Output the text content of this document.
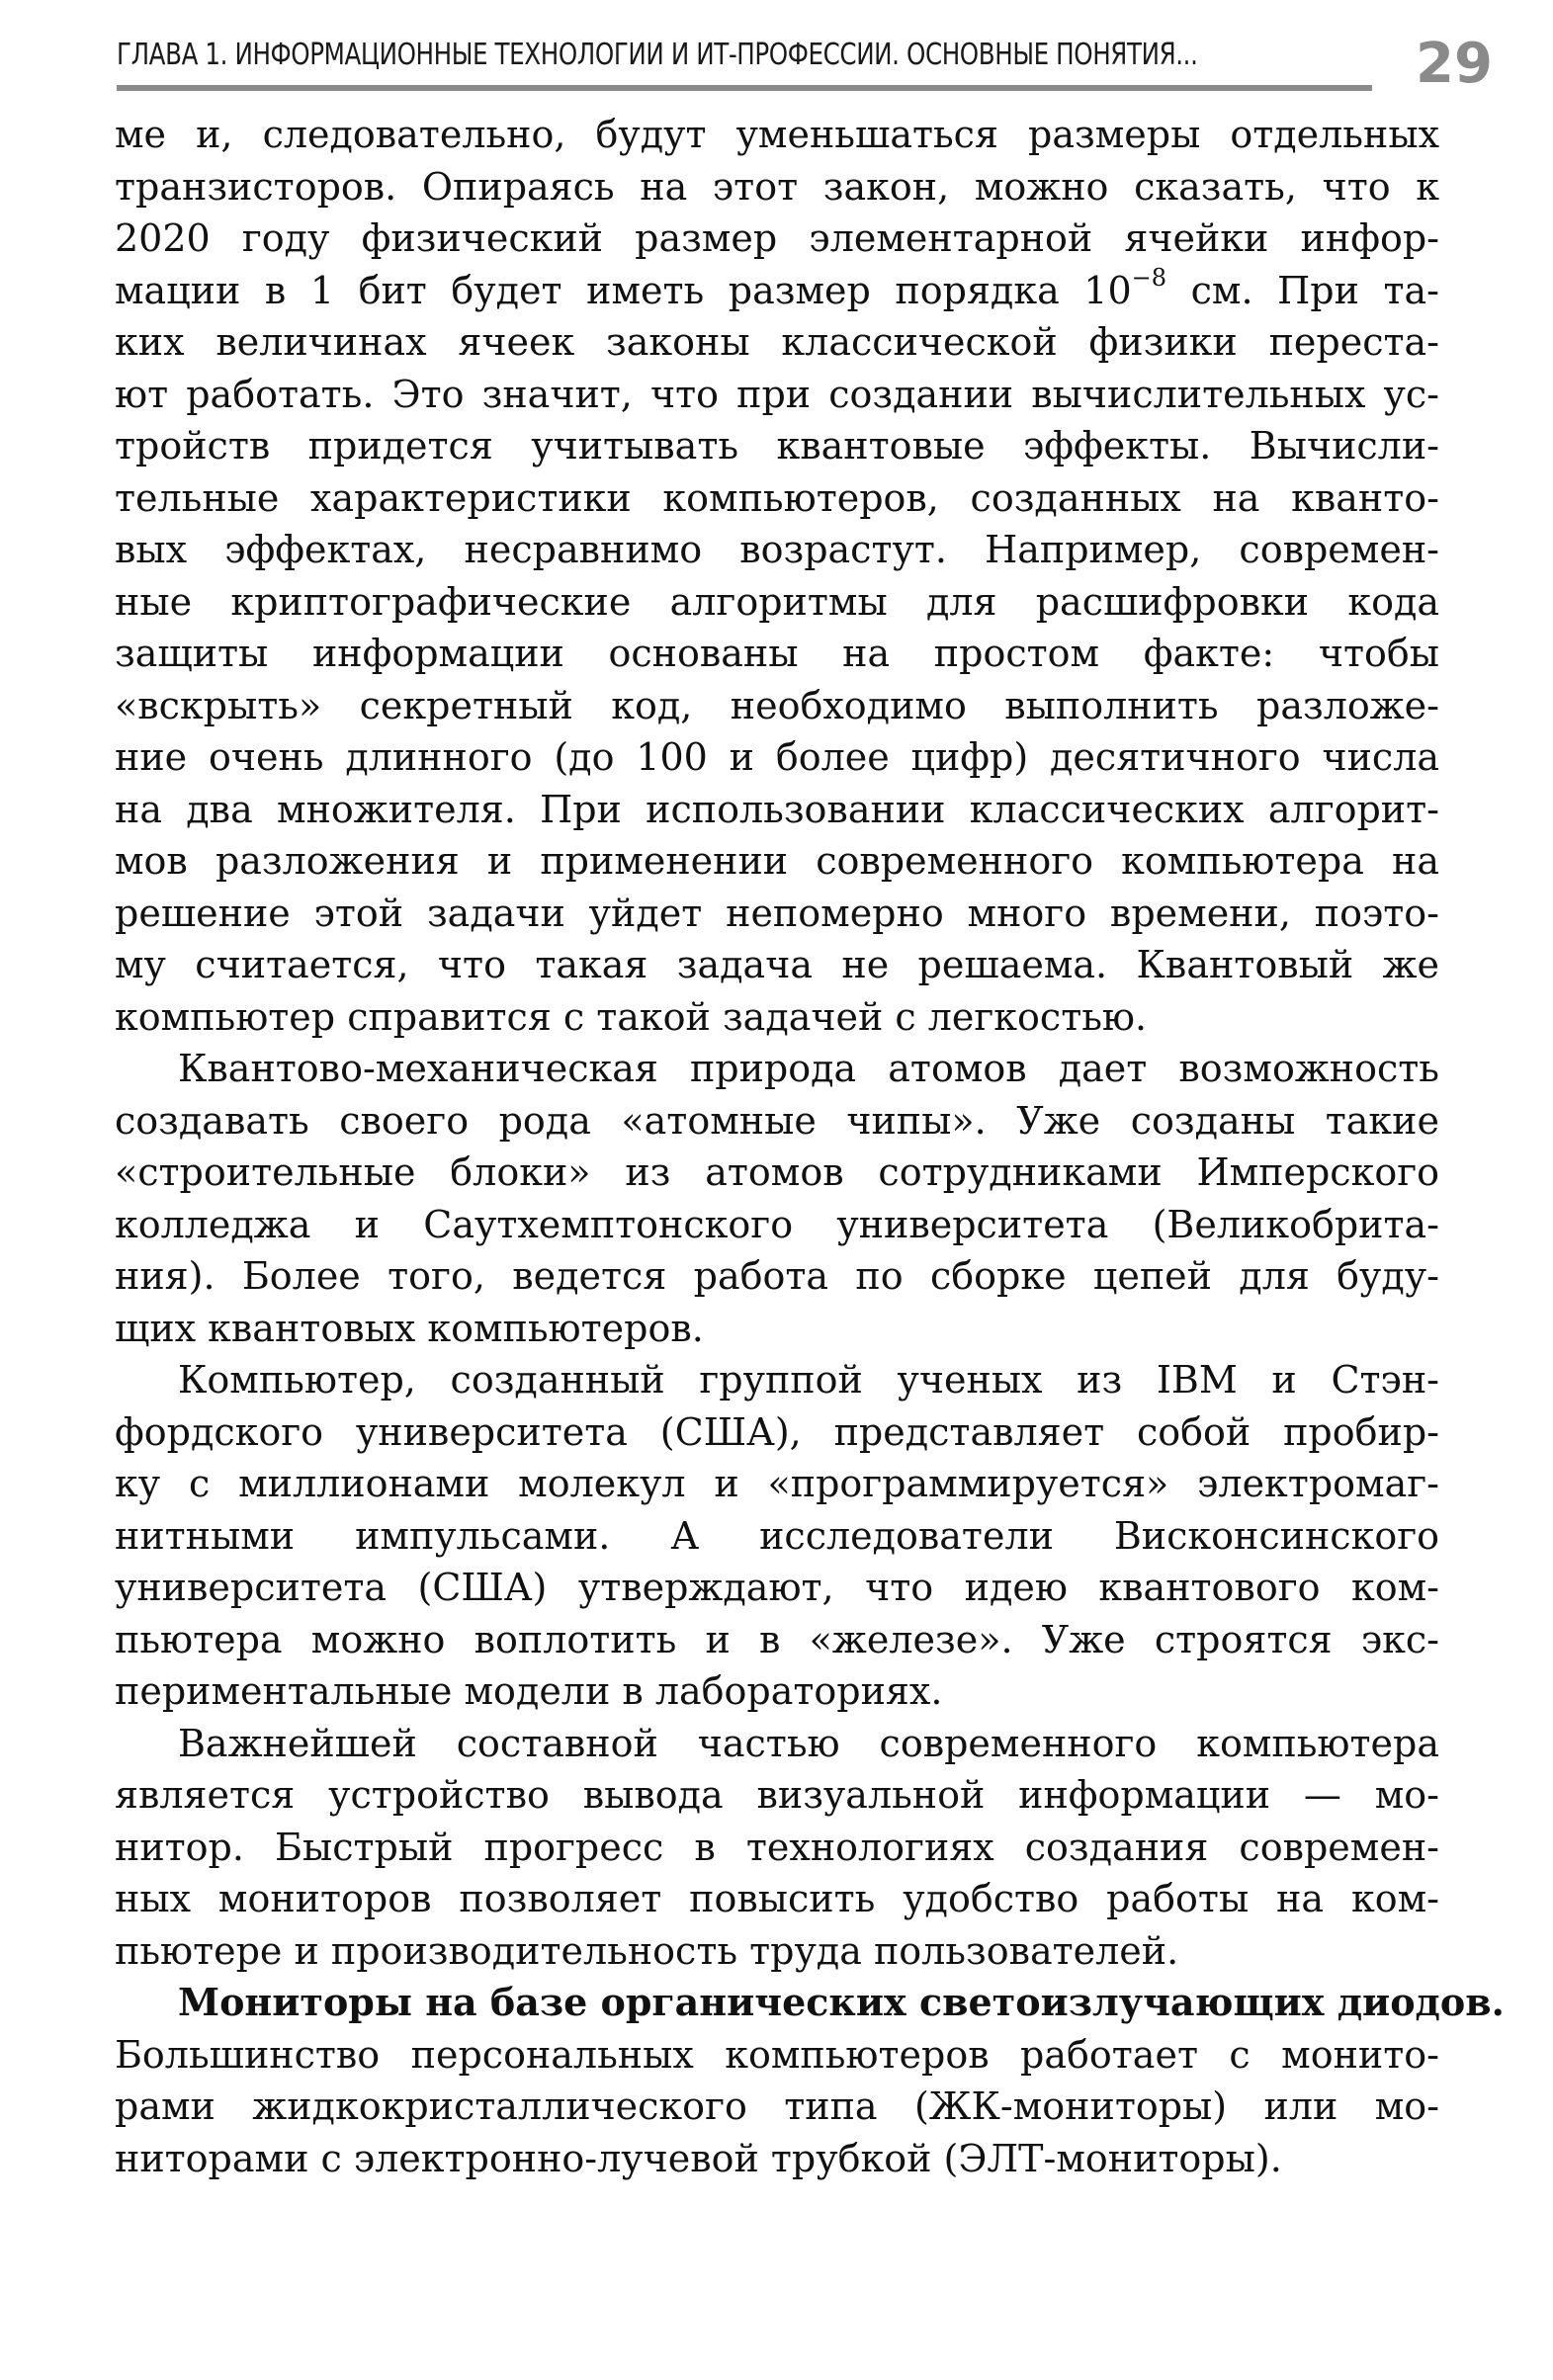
ГЛАВА 1. ИНФОРМАЦИОННЫЕ ТЕХНОЛОГИИ И ИТ-ПРОФЕССИИ. ОСНОВНЫЕ ПОНЯТИЯ...	29
ме и, следовательно, будут уменьшаться размеры отдельных
транзисторов. Опираясь на этот закон, можно сказать, что к
2020 году физический размер элементарной ячейки инфор-
мации в 1 бит будет иметь размер порядка $10^{-8}$ см. При та-
ких величинах ячеек законы классической физики переста-
ют работать. Это значит, что при создании вычислительных ус-
тройств придется учитывать квантовые эффекты. Вычисли-
тельные характеристики компьютеров, созданных на кванто-
вых эффектах, несравнимо возрастут. Например, современ-
ные криптографические алгоритмы для расшифровки кода
защиты информации основаны на простом факте: чтобы
«вскрыть» секретный код, необходимо выполнить разложе-
ние очень длинного (до 100 и более цифр) десятичного числа
на два множителя. При использовании классических алгорит-
мов разложения и применении современного компьютера на
решение этой задачи уйдет непомерно много времени, поэто-
му считается, что такая задача не решаема. Квантовый же
компьютер справится с такой задачей с легкостью.
Квантово-механическая природа атомов дает возможность
создавать своего рода «атомные чипы». Уже созданы такие
«строительные блоки» из атомов сотрудниками Имперского
колледжа и Саутхемптонского университета (Великобрита-
ния). Более того, ведется работа по сборке цепей для буду-
щих квантовых компьютеров.
Компьютер, созданный группой ученых из IBM и Стэн-
фордского университета (США), представляет собой пробир-
ку с миллионами молекул и «программируется» электромаг-
нитными импульсами. А исследователи Висконсинского
университета (США) утверждают, что идею квантового ком-
пьютера можно воплотить и в «железе». Уже строятся экс-
периментальные модели в лабораториях.
Важнейшей составной частью современного компьютера
является устройство вывода визуальной информации — мо-
нитор. Быстрый прогресс в технологиях создания современ-
ных мониторов позволяет повысить удобство работы на ком-
пьютере и производительность труда пользователей.
Мониторы на базе органических светоизлучающих диодов.
Большинство персональных компьютеров работает с монито-
рами жидкокристаллического типа (ЖК-мониторы) или мо-
ниторами с электронно-лучевой трубкой (ЭЛТ-мониторы).
